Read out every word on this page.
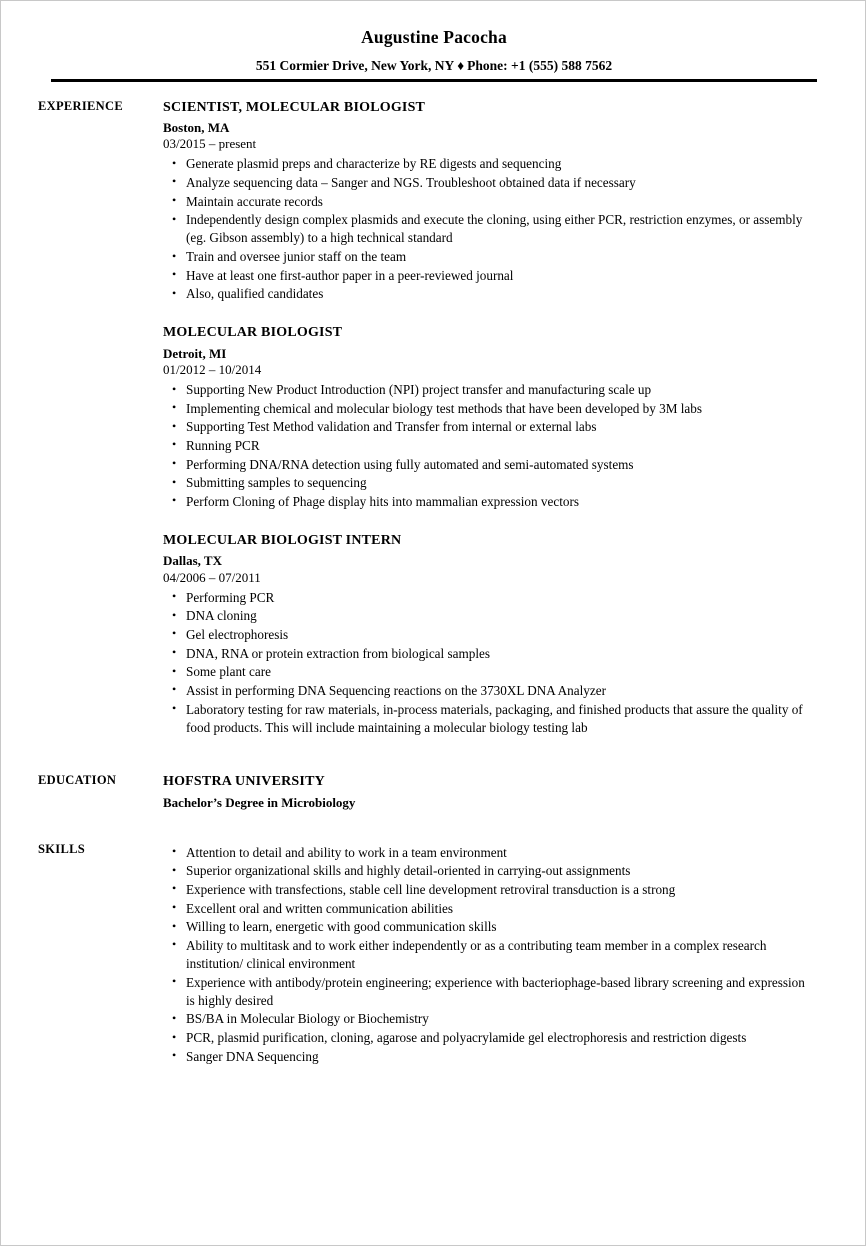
Augustine Pacocha

551 Cormier Drive, New York, NY ♦ Phone: +1 (555) 588 7562

EXPERIENCE	SCIENTIST, MOLECULAR BIOLOGIST
Boston, MA
03/2015 – present
• Generate plasmid preps and characterize by RE digests and sequencing
• Analyze sequencing data – Sanger and NGS. Troubleshoot obtained data if necessary
• Maintain accurate records
• Independently design complex plasmids and execute the cloning, using either PCR, restriction enzymes, or assembly (eg. Gibson assembly) to a high technical standard
• Train and oversee junior staff on the team
• Have at least one first-author paper in a peer-reviewed journal
• Also, qualified candidates
MOLECULAR BIOLOGIST
Detroit, MI
01/2012 – 10/2014
• Supporting New Product Introduction (NPI) project transfer and manufacturing scale up
• Implementing chemical and molecular biology test methods that have been developed by 3M labs
• Supporting Test Method validation and Transfer from internal or external labs
• Running PCR
• Performing DNA/RNA detection using fully automated and semi-automated systems
• Submitting samples to sequencing
• Perform Cloning of Phage display hits into mammalian expression vectors
MOLECULAR BIOLOGIST INTERN
Dallas, TX
04/2006 – 07/2011
• Performing PCR
• DNA cloning
• Gel electrophoresis
• DNA, RNA or protein extraction from biological samples
• Some plant care
• Assist in performing DNA Sequencing reactions on the 3730XL DNA Analyzer
• Laboratory testing for raw materials, in-process materials, packaging, and finished products that assure the quality of food products. This will include maintaining a molecular biology testing lab
EDUCATION	HOFSTRA UNIVERSITY
Bachelor’s Degree in Microbiology
SKILLS	• Attention to detail and ability to work in a team environment
• Superior organizational skills and highly detail-oriented in carrying-out assignments
• Experience with transfections, stable cell line development retroviral transduction is a strong
• Excellent oral and written communication abilities
• Willing to learn, energetic with good communication skills
• Ability to multitask and to work either independently or as a contributing team member in a complex research institution/ clinical environment
• Experience with antibody/protein engineering; experience with bacteriophage-based library screening and expression is highly desired
• BS/BA in Molecular Biology or Biochemistry
• PCR, plasmid purification, cloning, agarose and polyacrylamide gel electrophoresis and restriction digests
• Sanger DNA Sequencing
